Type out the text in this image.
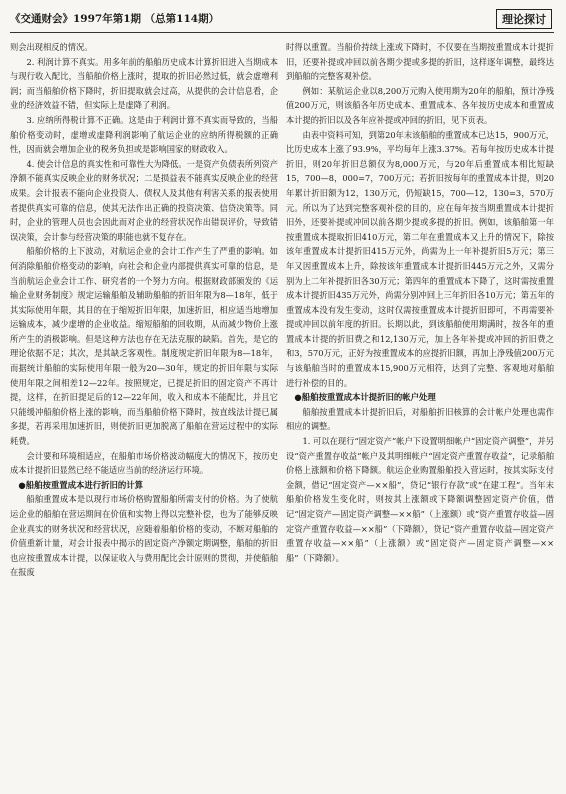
《交通财会》1997年第1期 （总第114期）	理论探讨

则会出现相反的情况。

2. 利润计算不真实。用多年前的船舶历史成本计算折旧进入当期成本与现行收入配比，当船舶价格上涨时，提取的折旧必然过低，就会虚增利润；而当船舶价格下降时，折旧提取就会过高，从提供的会计信息看，企业的经济效益不错，但实际上是虚降了利润。

3. 应纳所得税计算不正确。这是由于利润计算不真实而导致的，当船舶价格变动时，虚增或虚降利润影响了航运企业的应纳所得税额的正确性，因而就会增加企业的税务负担或是影响国家的财政收入。

4. 使会计信息的真实性和可靠性大为降低。一是资产负债表所列资产净额不能真实反映企业的财务状况；二是损益表不能真实反映企业的经营成果。会计报表不能向企业投资人、债权人及其他有利害关系的报表使用者提供真实可靠的信息，使其无法作出正确的投资决策、信贷决策等。同时，企业的管理人员也会因此而对企业的经营状况作出错误评价，导致错误决策，会计参与经营决策的职能也就不复存在。

船舶价格的上下波动，对航运企业的会计工作产生了严重的影响。如何消除船舶价格变动的影响，向社会和企业内部提供真实可靠的信息，是当前航运企业会计工作、研究者的一个努力方向。根据财政部颁发的《运输企业财务制度》规定运输船舶及辅助船舶的折旧年限为8—18年，低于其实际使用年限，其目的在于缩短折旧年限，加速折旧，相应适当地增加运输成本，减少虚增的企业收益。缩短船舶的回收期，从而减少物价上涨所产生的消极影响。但是这种方法也存在无法克服的缺陷。首先，是它的理论依据不足；其次，是其缺乏客观性。制度规定折旧年限为8—18年，而据统计船舶的实际使用年限一般为20—30年，规定的折旧年限与实际使用年限之间相差12—22年。按照规定，已提足折旧的固定资产不再计提，这样，在折旧提足后的12—22年间，收入和成本不能配比，并且它只能缓冲船舶价格上涨的影响，而当船舶价格下降时，按直线法计提已属多提，若再采用加速折旧，则使折旧更加脱离了船舶在营运过程中的实际耗费。

会计要和环境相适应，在船舶市场价格波动幅度大的情况下，按历史成本计提折旧显然已经不能适应当前的经济运行环境。

●船舶按重置成本进行折旧的计算

船舶重置成本是以现行市场价格购置船舶所需支付的价格。为了使航运企业的船舶在营运期间在价值和实物上得以完整补偿，也为了能够反映企业真实的财务状况和经营状况，应随着船舶价格的变动，不断对船舶的价值重新计量，对会计报表中揭示的固定资产净额定期调整，船舶的折旧也应按重置成本计提，以保证收入与费用配比会计原则的贯彻，并使船舶在报废

时得以重置。当船价持续上涨或下降时，不仅要在当期按重置成本计提折旧，还要补提或冲回以前各期少提或多提的折旧，这样逐年调整，最终达到船舶的完整客观补偿。

例如：某航运企业以8,200万元购入使用期为20年的船舶，预计净残值200万元，则该船各年历史成本、重置成本、各年按历史成本和重置成本计提的折旧以及各年应补提或冲回的折旧，见下页表。

由表中资料可知，到第20年末该船舶的重置成本已达15，900万元，比历史成本上涨了93.9%，平均每年上涨3.37%。若每年按历史成本计提折旧，则20年折旧总额仅为8,000万元，与20年后重置成本相比短缺15，700—8，000=7，700万元；若折旧按每年的重置成本计提，则20年累计折旧额为12，130万元，仍短缺15，700—12，130=3，570万元。所以为了达到完整客观补偿的目的，应在每年按当期重置成本计提折旧外，还要补提或冲回以前各期少提或多提的折旧。例如，该船舶第一年按重置成本提取折旧410万元，第二年在重置成本又上升的情况下，除按该年重置成本计提折旧415万元外，尚需为上一年补提折旧5万元；第三年又因重置成本上升，除按该年重置成本计提折旧445万元之外，又需分别为上二年补提折旧各30万元；第四年的重置成本下降了，这时需按重置成本计提折旧435万元外，尚需分别冲回上三年折旧各10万元；第五年的重置成本没有发生变动，这时仅需按重置成本计提折旧即可，不再需要补提或冲回以前年度的折旧。长期以此，到该船舶使用期满时，按各年的重置成本计提的折旧费之和12,130万元，加上各年补提或冲回的折旧费之和3，570万元，正好为按重置成本的应提折旧额，再加上净残值200万元与该船舶当时的重置成本15,900万元相符，达到了完整、客观地对船舶进行补偿的目的。

●船舶按重置成本计提折旧的帐户处理

船舶按重置成本计提折旧后，对船舶折旧核算的会计帐户处理也需作相应的调整。

1. 可以在现行“固定资产”帐户下设置明细帐户“固定资产调整”，并另设“资产重置存收益”帐户及其明细帐户“固定资产重置存收益”，记录船舶价格上涨额和价格下降额。航运企业购置船舶投入营运时，按其实际支付金额，借记“固定资产—××船”，贷记“银行存款”或“在建工程”。当年末船舶价格发生变化时，则按其上涨额或下降额调整固定资产价值，借记“固定资产—固定资产调整—××船”（上涨额）或“资产重置存收益—固定资产重置存收益—××船”（下降额），贷记“资产重置存收益—固定资产重置存收益—××船”（上涨额）或“固定资产—固定资产调整—××船”（下降额）。
